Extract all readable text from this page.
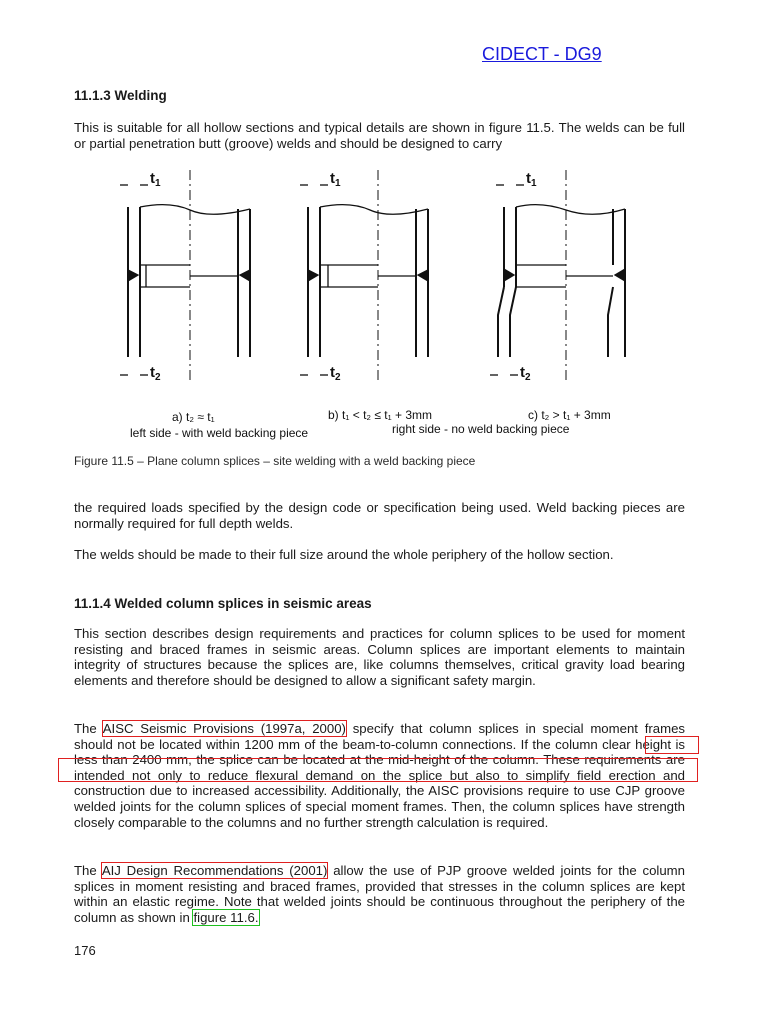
CIDECT - DG9
11.1.3 Welding

This is suitable for all hollow sections and typical details are shown in figure 11.5. The welds can be full or partial penetration butt (groove) welds and should be designed to carry

$t_1$
$t_2$
$t_1$
$t_2$
$t_1$
$t_2$
a) t₂ ≈ t₁	b) t₁ < t₂ ≤ t₁ + 3mm	c) t₂ > t₁ + 3mm
left side - with weld backing piece	right side - no weld backing piece
Figure 11.5 – Plane column splices – site welding with a weld backing piece

the required loads specified by the design code or specification being used. Weld backing pieces are normally required for full depth welds.

The welds should be made to their full size around the whole periphery of the hollow section.

11.1.4 Welded column splices in seismic areas

This section describes design requirements and practices for column splices to be used for moment resisting and braced frames in seismic areas. Column splices are important elements to maintain integrity of structures because the splices are, like columns themselves, critical gravity load bearing elements and therefore should be designed to allow a significant safety margin.

The AISC Seismic Provisions (1997a, 2000) specify that column splices in special moment frames should not be located within 1200 mm of the beam-to-column connections. If the column clear height is less than 2400 mm, the splice can be located at the mid-height of the column. These requirements are intended not only to reduce flexural demand on the splice but also to simplify field erection and construction due to increased accessibility. Additionally, the AISC provisions require to use CJP groove welded joints for the column splices of special moment frames. Then, the column splices have strength closely comparable to the columns and no further strength calculation is required.

The AIJ Design Recommendations (2001) allow the use of PJP groove welded joints for the column splices in moment resisting and braced frames, provided that stresses in the column splices are kept within an elastic regime. Note that welded joints should be continuous throughout the periphery of the column as shown in figure 11.6.

176
